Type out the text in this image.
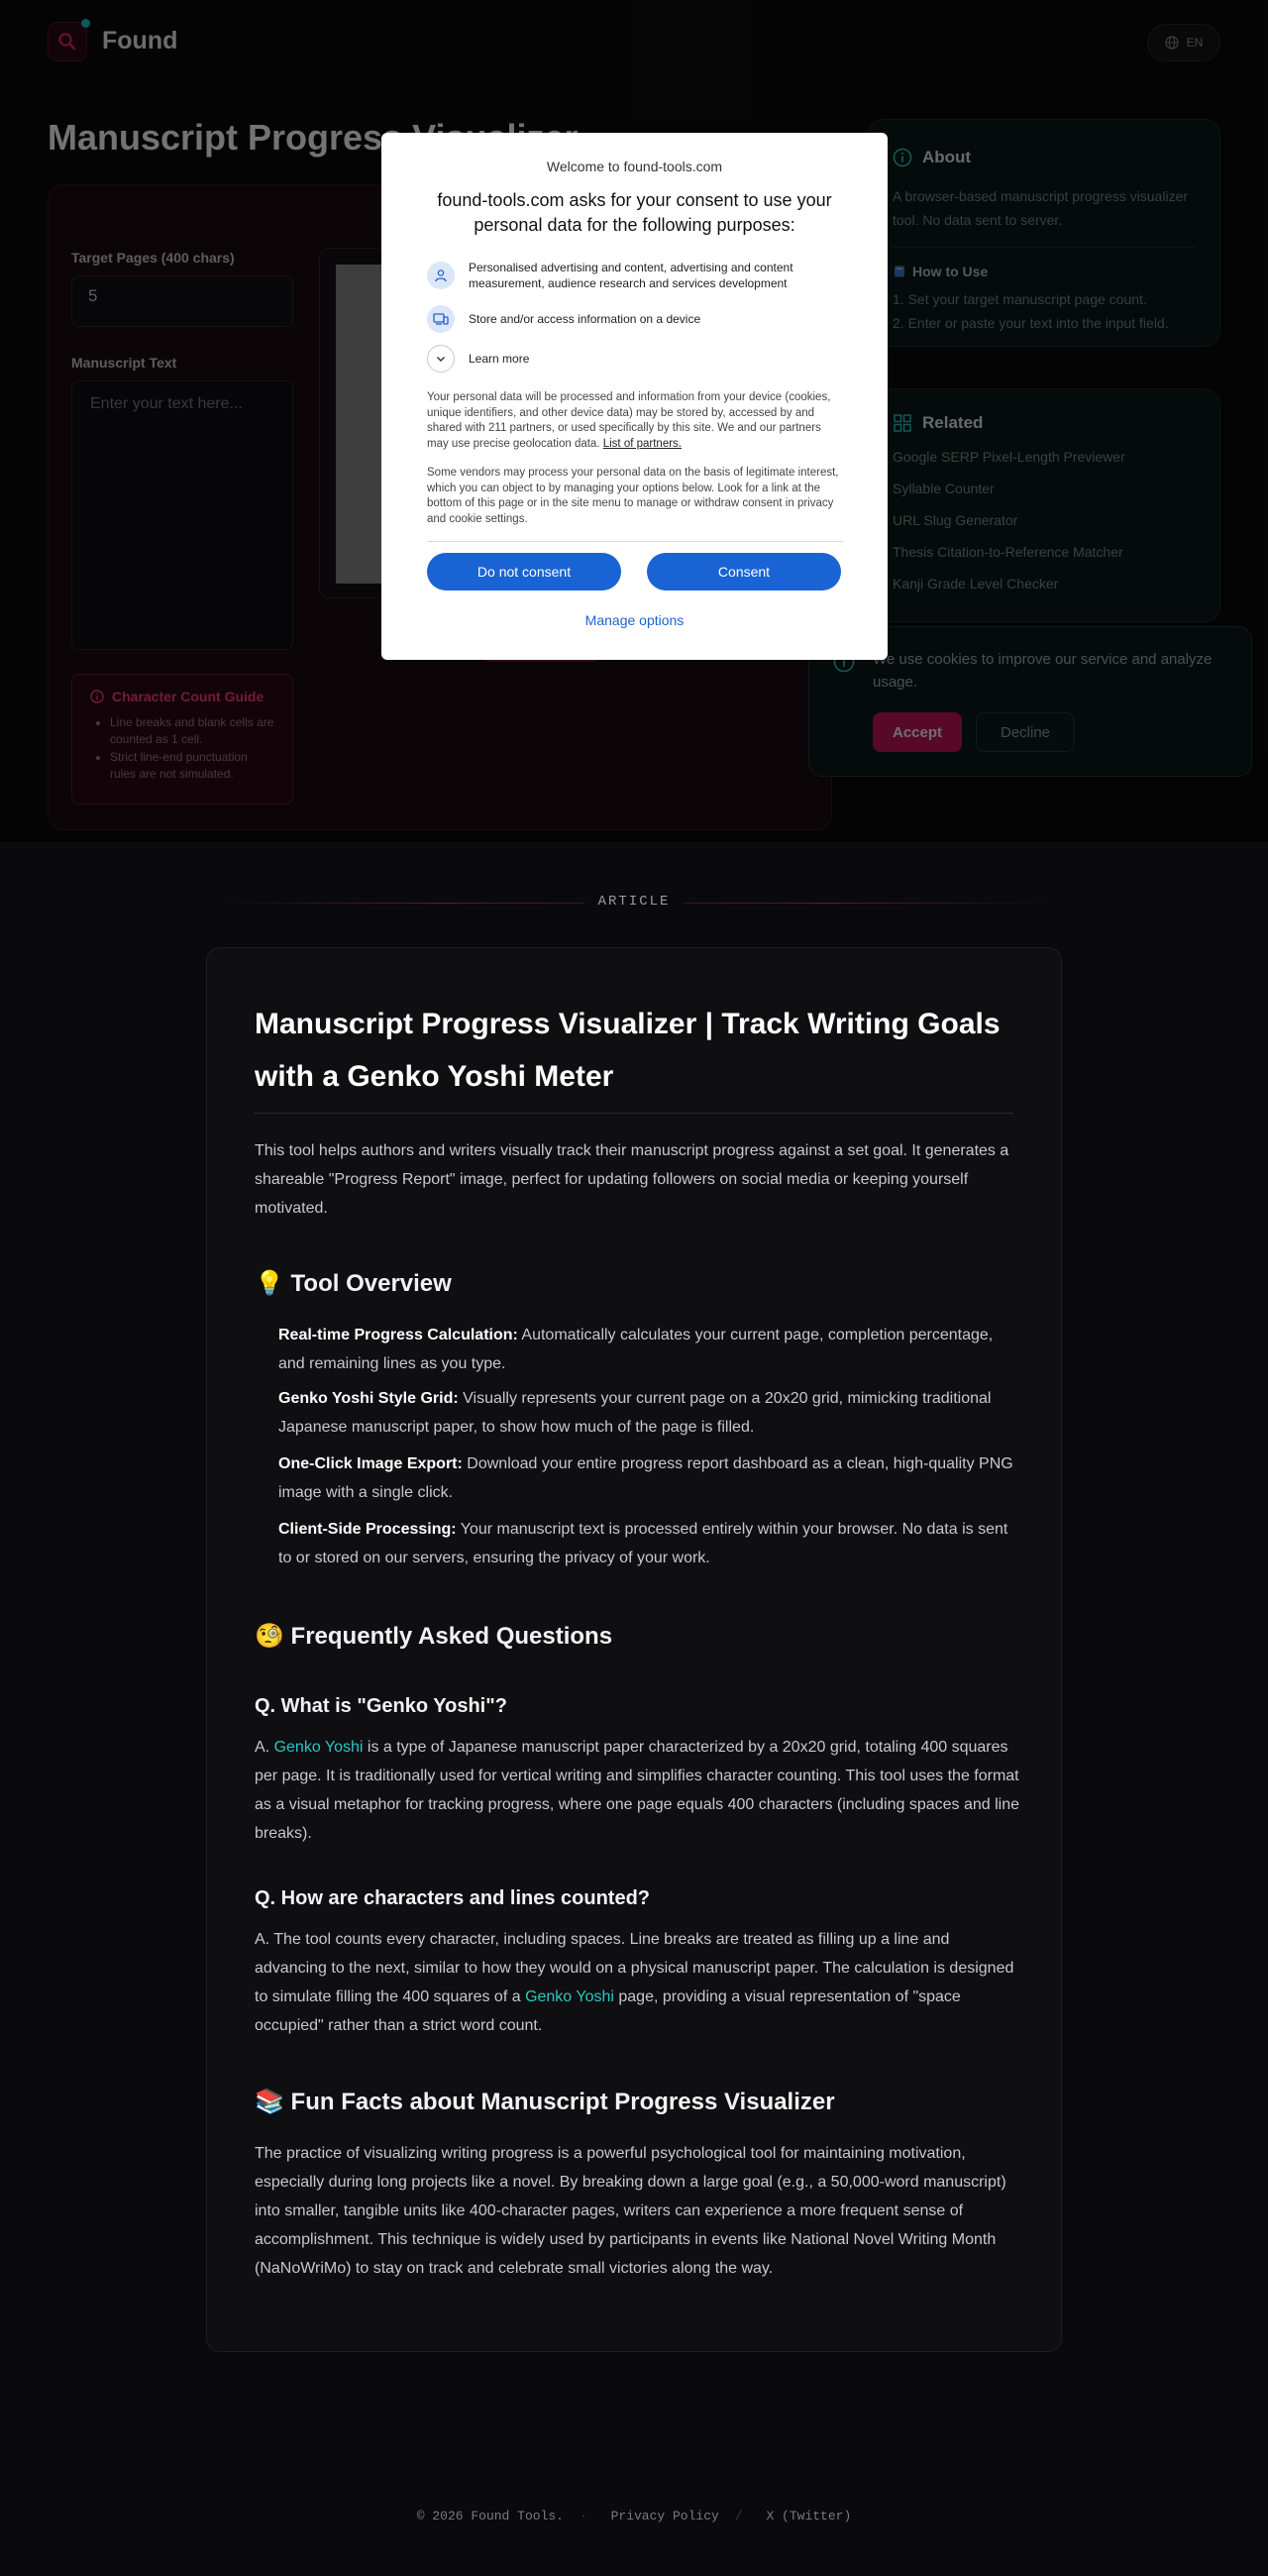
•
•
Welcome to found-tools.com
found-tools.com asks for your consent to use your personal data for the following purposes:
Personalised advertising and content, advertising and content measurement, audience research and services development
Store and/or access information on a device
Learn more
Your personal data will be processed and information from your device (cookies, unique identifiers, and other device data) may be stored by, accessed by and shared with 211 partners, or used specifically by this site. We and our partners may use precise geolocation data. List of partners.
Some vendors may process your personal data on the basis of legitimate interest, which you can object to by managing your options below. Look for a link at the bottom of this page or in the site menu to manage or withdraw consent in privacy and cookie settings.
Do not consent	Consent
Manage options
ARTICLE
Manuscript Progress Visualizer | Track Writing Goals with a Genko Yoshi Meter
This tool helps authors and writers visually track their manuscript progress against a set goal. It generates a shareable "Progress Report" image, perfect for updating followers on social media or keeping yourself motivated.
💡 Tool Overview
Real-time Progress Calculation: Automatically calculates your current page, completion percentage, and remaining lines as you type.
Genko Yoshi Style Grid: Visually represents your current page on a 20x20 grid, mimicking traditional Japanese manuscript paper, to show how much of the page is filled.
One-Click Image Export: Download your entire progress report dashboard as a clean, high-quality PNG image with a single click.
Client-Side Processing: Your manuscript text is processed entirely within your browser. No data is sent to or stored on our servers, ensuring the privacy of your work.
🧐 Frequently Asked Questions
Q. What is "Genko Yoshi"?
A. Genko Yoshi is a type of Japanese manuscript paper characterized by a 20x20 grid, totaling 400 squares per page. It is traditionally used for vertical writing and simplifies character counting. This tool uses the format as a visual metaphor for tracking progress, where one page equals 400 characters (including spaces and line breaks).
Q. How are characters and lines counted?
A. The tool counts every character, including spaces. Line breaks are treated as filling up a line and advancing to the next, similar to how they would on a physical manuscript paper. The calculation is designed to simulate filling the 400 squares of a Genko Yoshi page, providing a visual representation of "space occupied" rather than a strict word count.
📚 Fun Facts about Manuscript Progress Visualizer
The practice of visualizing writing progress is a powerful psychological tool for maintaining motivation, especially during long projects like a novel. By breaking down a large goal (e.g., a 50,000-word manuscript) into smaller, tangible units like 400-character pages, writers can experience a more frequent sense of accomplishment. This technique is widely used by participants in events like National Novel Writing Month (NaNoWriMo) to stay on track and celebrate small victories along the way.
© 2026 Found Tools. · Privacy Policy / X (Twitter)
